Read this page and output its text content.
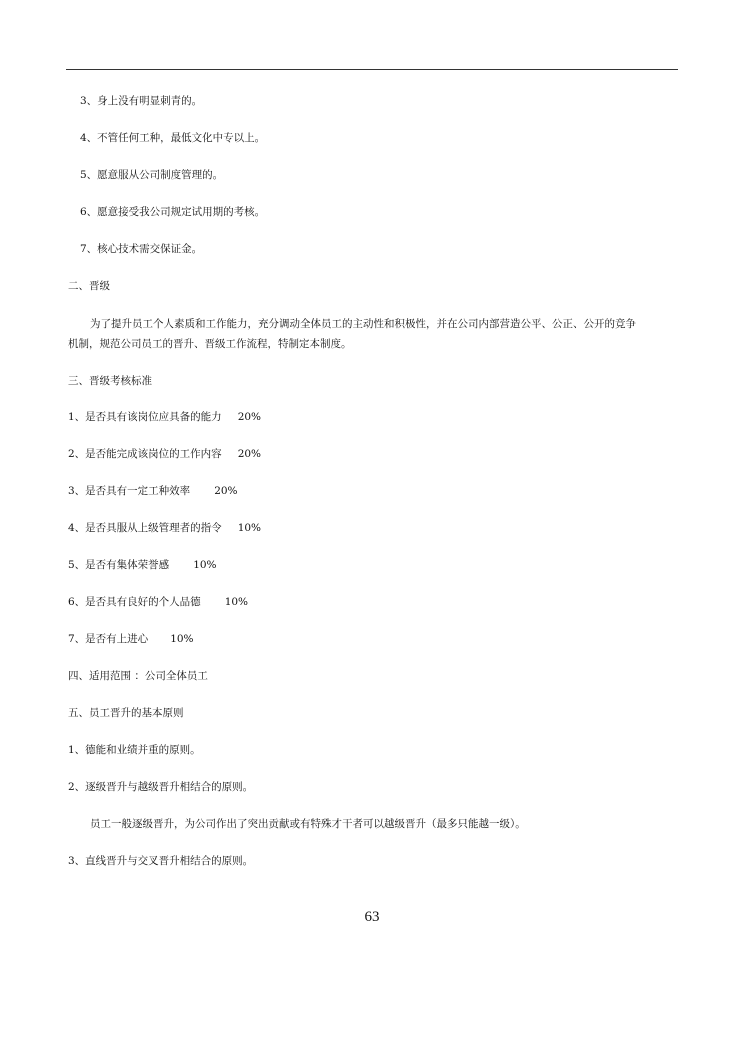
3、身上没有明显刺青的。
4、不管任何工种，最低文化中专以上。
5、愿意服从公司制度管理的。
6、愿意接受我公司规定试用期的考核。
7、核心技术需交保证金。
二、晋级
为了提升员工个人素质和工作能力，充分调动全体员工的主动性和积极性，并在公司内部营造公平、公正、公开的竞争
机制，规范公司员工的晋升、晋级工作流程，特制定本制度。
三、晋级考核标准
1、是否具有该岗位应具备的能力 20%
2、是否能完成该岗位的工作内容 20%
3、是否具有一定工种效率 20%
4、是否具服从上级管理者的指令 10%
5、是否有集体荣誉感 10%
6、是否具有良好的个人品德 10%
7、是否有上进心 10%
四、适用范围 ：公司全体员工
五、员工晋升的基本原则
1、德能和业绩并重的原则。
2、逐级晋升与越级晋升相结合的原则。
员工一般逐级晋升，为公司作出了突出贡献或有特殊才干者可以越级晋升（最多只能越一级）。
3、直线晋升与交叉晋升相结合的原则。
63
